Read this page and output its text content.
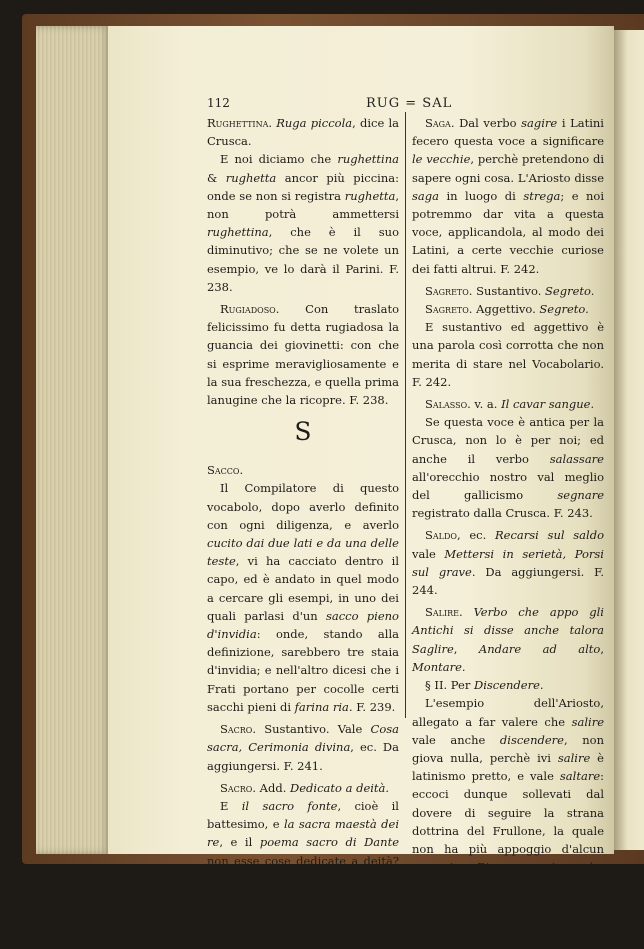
112	RUG = SAL

Rughettina. Ruga piccola, dice la Crusca.

E noi diciamo che rughettina & rughetta ancor più piccina: onde se non si registra rughetta, non potrà ammettersi rughettina, che è il suo diminutivo; che se ne volete un esempio, ve lo darà il Parini. F. 238.

Rugiadoso. Con traslato felicissimo fu detta rugiadosa la guancia dei giovinetti: con che si esprime meravigliosamente e la sua freschezza, e quella prima lanugine che la ricopre. F. 238.

S

Sacco.

Il Compilatore di questo vocabolo, dopo averlo definito con ogni diligenza, e averlo cucito dai due lati e da una delle teste, vi ha cacciato dentro il capo, ed è andato in quel modo a cercare gli esempi, in uno dei quali parlasi d'un sacco pieno d'invidia: onde, stando alla definizione, sarebbero tre staia d'invidia; e nell'altro dicesi che i Frati portano per cocolle certi sacchi pieni di farina ria. F. 239.

Sacro. Sustantivo. Vale Cosa sacra, Cerimonia divina, ec. Da aggiungersi. F. 241.

Sacro. Add. Dedicato a deità.

E il sacro fonte, cioè il battesimo, e la sacra maestà dei re, e il poema sacro di Dante non esse cose dedicate a deità? F. 240.

Saga. Dal verbo sagire i Latini fecero questa voce a significare le vecchie, perchè pretendono di sapere ogni cosa. L'Ariosto disse saga in luogo di strega; e noi potremmo dar vita a questa voce, applicandola, al modo dei Latini, a certe vecchie curiose dei fatti altrui. F. 242.

Sagreto. Sustantivo. Segreto.

Sagreto. Aggettivo. Segreto.

E sustantivo ed aggettivo è una parola così corrotta che non merita di stare nel Vocabolario. F. 242.

Salasso. v. a. Il cavar sangue.

Se questa voce è antica per la Crusca, non lo è per noi; ed anche il verbo salassare all'orecchio nostro val meglio del gallicismo segnare registrato dalla Crusca. F. 243.

Saldo, ec. Recarsi sul saldo vale Mettersi in serietà, Porsi sul grave. Da aggiungersi. F. 244.

Salire. Verbo che appo gli Antichi si disse anche talora Saglire, Andare ad alto, Montare.

§ II. Per Discendere.

L'esempio dell'Ariosto, allegato a far valere che salire vale anche discendere, non giova nulla, perchè ivi salire è latinismo pretto, e vale saltare: eccoci dunque sollevati dal dovere di seguire la strana dottrina del Frullone, la quale non ha più appoggio d'alcun esempio. Bisogna poi anche avvertire che saglire non è voce adoperata dagli Antichi in vece di salire, ma significò sempre saltare. F. 244.
